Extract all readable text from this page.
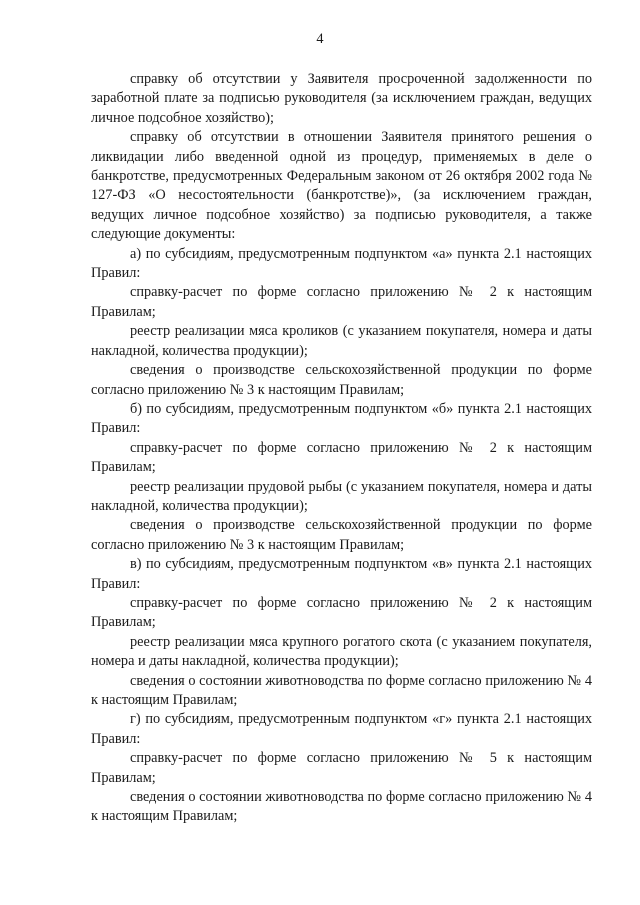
4

справку об отсутствии у Заявителя просроченной задолженности по заработной плате за подписью руководителя (за исключением граждан, ведущих личное подсобное хозяйство);

справку об отсутствии в отношении Заявителя принятого решения о ликвидации либо введенной одной из процедур, применяемых в деле о банкротстве, предусмотренных Федеральным законом от 26 октября 2002 года № 127-ФЗ «О несостоятельности (банкротстве)», (за исключением граждан, ведущих личное подсобное хозяйство) за подписью руководителя, а также следующие документы:

а) по субсидиям, предусмотренным подпунктом «а» пункта 2.1 настоящих Правил:

справку-расчет по форме согласно приложению № 2 к настоящим Правилам;

реестр реализации мяса кроликов (с указанием покупателя, номера и даты накладной, количества продукции);

сведения о производстве сельскохозяйственной продукции по форме согласно приложению № 3 к настоящим Правилам;

б) по субсидиям, предусмотренным подпунктом «б» пункта 2.1 настоящих Правил:

справку-расчет по форме согласно приложению № 2 к настоящим Правилам;

реестр реализации прудовой рыбы (с указанием покупателя, номера и даты накладной, количества продукции);

сведения о производстве сельскохозяйственной продукции по форме согласно приложению № 3 к настоящим Правилам;

в) по субсидиям, предусмотренным подпунктом «в» пункта 2.1 настоящих Правил:

справку-расчет по форме согласно приложению № 2 к настоящим Правилам;

реестр реализации мяса крупного рогатого скота (с указанием покупателя, номера и даты накладной, количества продукции);

сведения о состоянии животноводства по форме согласно приложению № 4 к настоящим Правилам;

г) по субсидиям, предусмотренным подпунктом «г» пункта 2.1 настоящих Правил:

справку-расчет по форме согласно приложению № 5 к настоящим Правилам;

сведения о состоянии животноводства по форме согласно приложению № 4 к настоящим Правилам;
